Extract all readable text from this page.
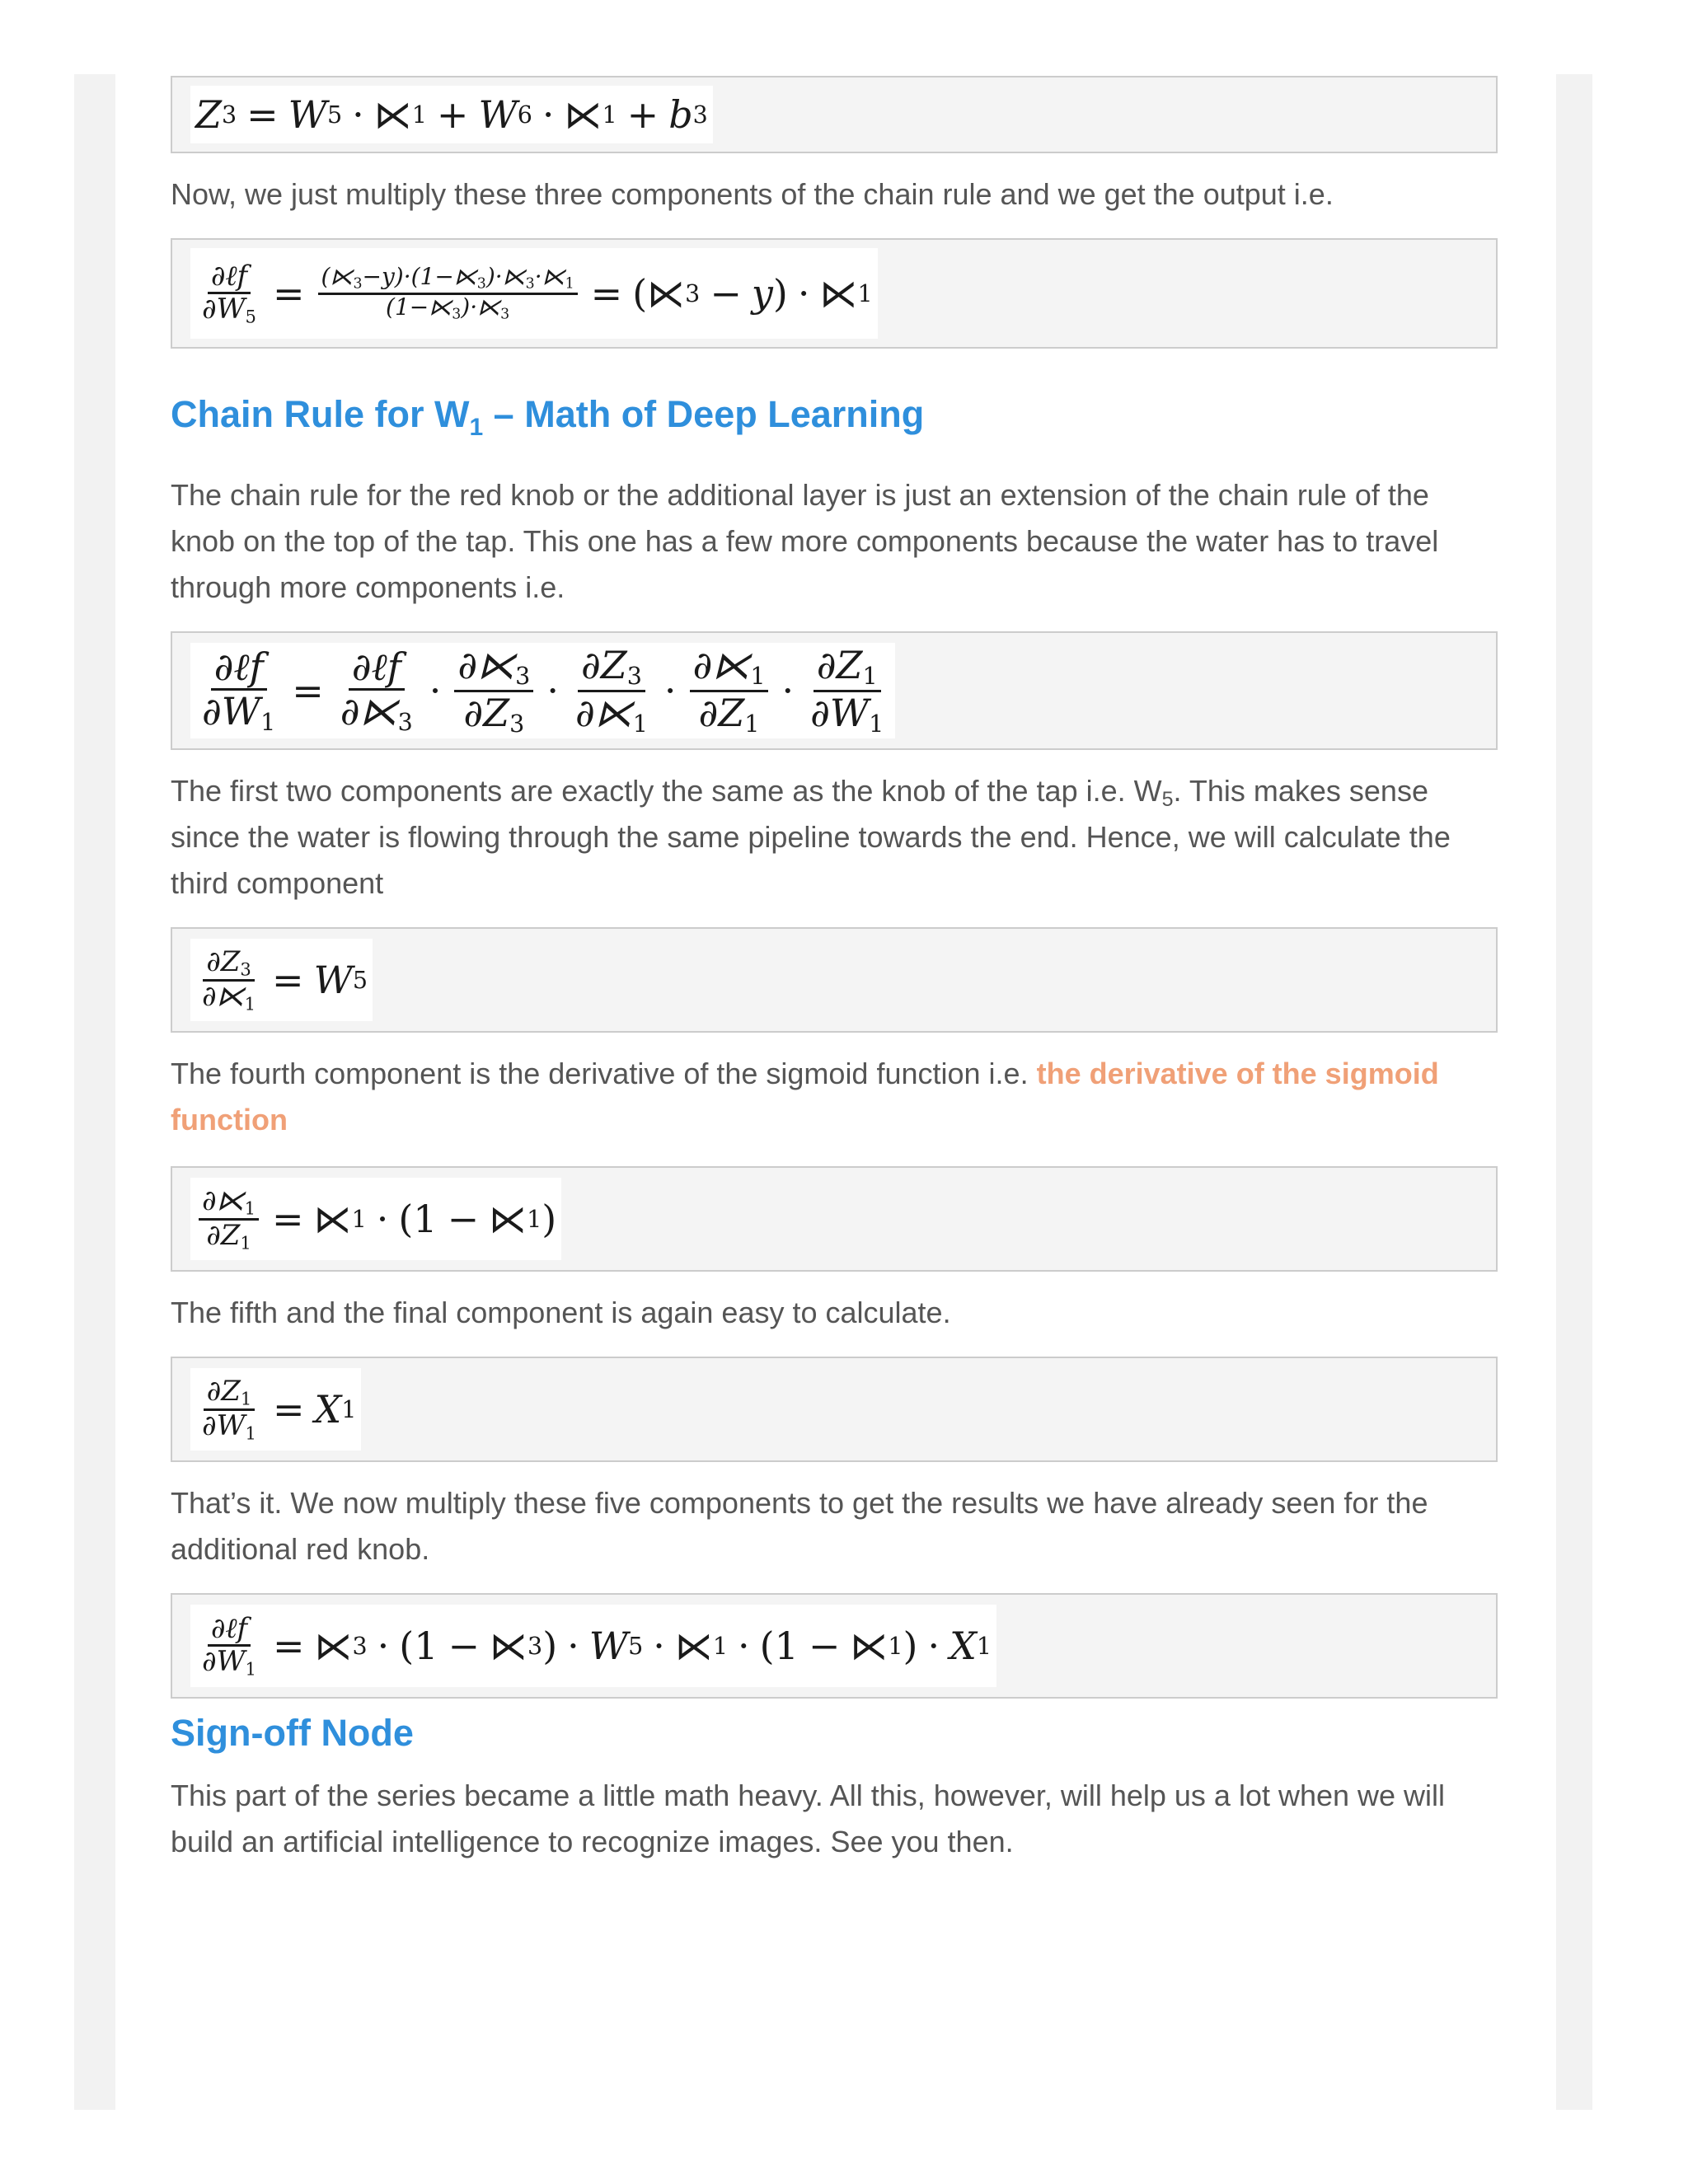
Z 3 = W 5 · ⋉ 1 + W 6 · ⋉ 1 + b 3

Now, we just multiply these three components of the chain rule and we get the output i.e.

$\frac{\text{∂ℓf}}{\partial W_5} = \frac{(⋉_3-y)\cdot(1-⋉_3)\cdot⋉_3\cdot⋉_1}{(1-⋉_3)\cdot⋉_3}$ = (⋉ 3 − y ) · ⋉ 1
Chain Rule for $W_1$ – Math of Deep Learning

The chain rule for the red knob or the additional layer is just an extension of the chain rule of the knob on the top of the tap. This one has a few more components because the water has to travel through more components i.e.

$\frac{\text{∂ℓf}}{\partial W_1} = \frac{\text{∂ℓf}}{\partial⋉_3} \cdot \frac{\partial⋉_3}{\partial Z_3} \cdot \frac{\partial Z_3}{\partial⋉_1} \cdot \frac{\partial⋉_1}{\partial Z_1} \cdot \frac{\partial Z_1}{\partial W_1}$

The first two components are exactly the same as the knob of the tap i.e. $W_5$. This makes sense since the water is flowing through the same pipeline towards the end. Hence, we will calculate the third component

$\frac{\partial Z_3}{\partial⋉_1} = W$ 5

The fourth component is the derivative of the sigmoid function i.e. the derivative of the sigmoid function

$\frac{\partial⋉_1}{\partial Z_1}$ = ⋉ 1 · (1 − ⋉ 1 )

The fifth and the final component is again easy to calculate.

$\frac{\partial Z_1}{\partial W_1} = X$ 1

That’s it. We now multiply these five components to get the results we have already seen for the additional red knob.

$\frac{\text{∂ℓf}}{\partial W_1}$ = ⋉ 3 · (1 − ⋉ 3 ) · W 5 · ⋉ 1 · (1 − ⋉ 1 ) · X 1
Sign-off Node

This part of the series became a little math heavy. All this, however, will help us a lot when we will build an artificial intelligence to recognize images. See you then.
